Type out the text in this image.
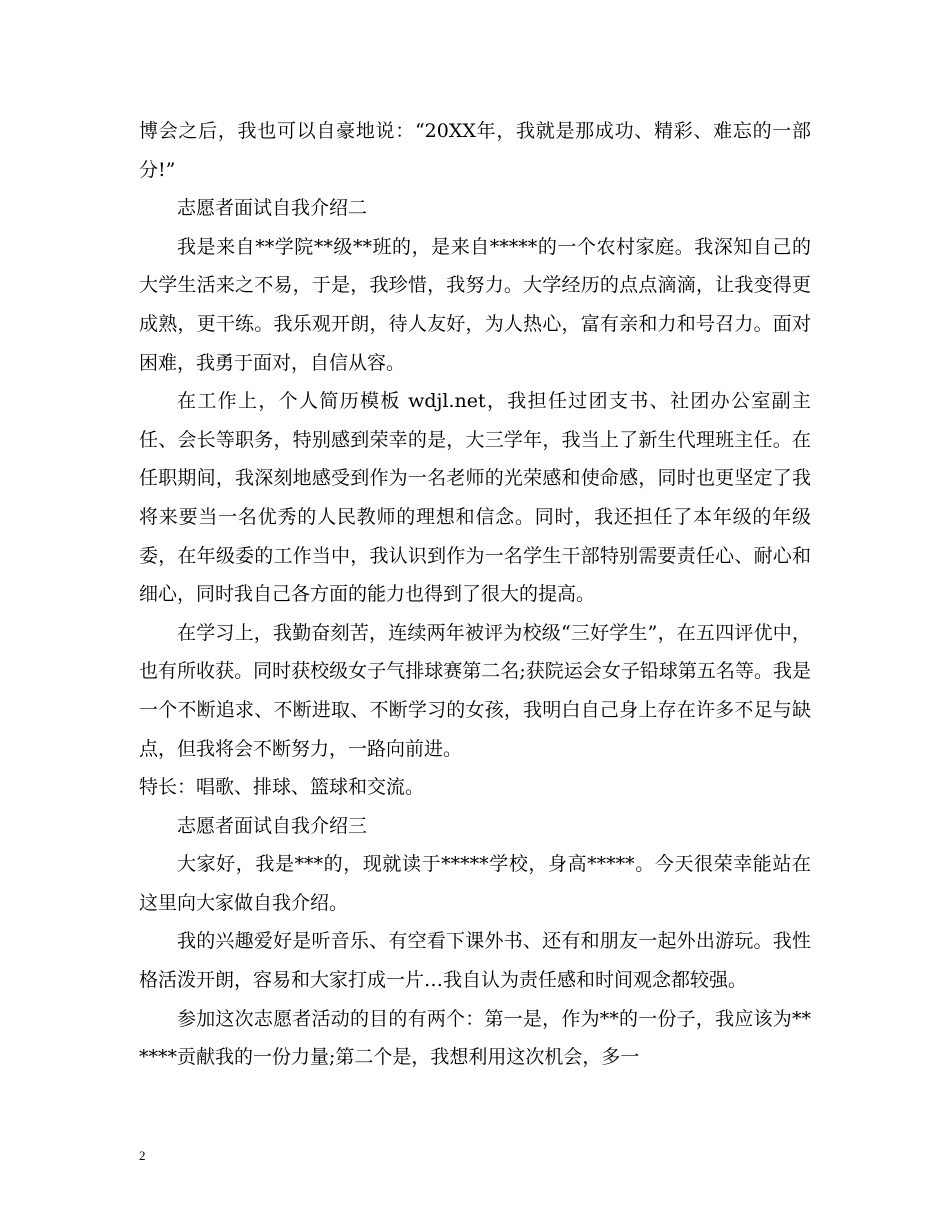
博会之后，我也可以自豪地说：“20XX年，我就是那成功、精彩、难忘的一部分!”

志愿者面试自我介绍二

我是来自**学院**级**班的，是来自*****的一个农村家庭。我深知自己的大学生活来之不易，于是，我珍惜，我努力。大学经历的点点滴滴，让我变得更成熟，更干练。我乐观开朗，待人友好，为人热心，富有亲和力和号召力。面对困难，我勇于面对，自信从容。

在工作上，个人简历模板 wdjl.net，我担任过团支书、社团办公室副主任、会长等职务，特别感到荣幸的是，大三学年，我当上了新生代理班主任。在任职期间，我深刻地感受到作为一名老师的光荣感和使命感，同时也更坚定了我将来要当一名优秀的人民教师的理想和信念。同时，我还担任了本年级的年级委，在年级委的工作当中，我认识到作为一名学生干部特别需要责任心、耐心和细心，同时我自己各方面的能力也得到了很大的提高。

在学习上，我勤奋刻苦，连续两年被评为校级“三好学生”，在五四评优中，也有所收获。同时获校级女子气排球赛第二名;获院运会女子铅球第五名等。我是一个不断追求、不断进取、不断学习的女孩，我明白自己身上存在许多不足与缺点，但我将会不断努力，一路向前进。

特长：唱歌、排球、篮球和交流。

志愿者面试自我介绍三

大家好，我是***的，现就读于*****学校，身高*****。今天很荣幸能站在这里向大家做自我介绍。

我的兴趣爱好是听音乐、有空看下课外书、还有和朋友一起外出游玩。我性格活泼开朗，容易和大家打成一片…我自认为责任感和时间观念都较强。

参加这次志愿者活动的目的有两个：第一是，作为**的一份子，我应该为******贡献我的一份力量;第二个是，我想利用这次机会，多一

2
